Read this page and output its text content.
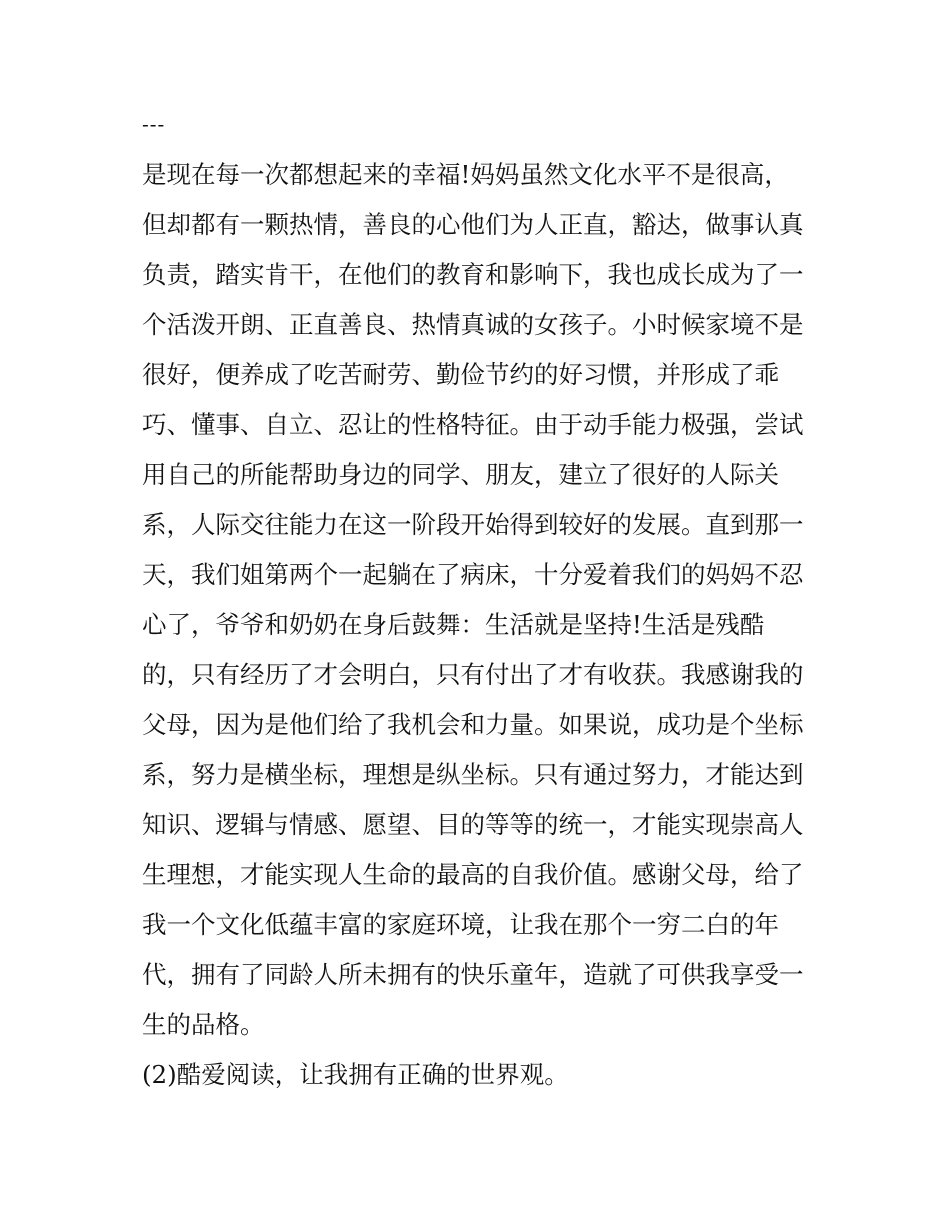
---
是现在每一次都想起来的幸福!妈妈虽然文化水平不是很高，
但却都有一颗热情，善良的心他们为人正直，豁达，做事认真
负责，踏实肯干，在他们的教育和影响下，我也成长成为了一
个活泼开朗、正直善良、热情真诚的女孩子。小时候家境不是
很好，便养成了吃苦耐劳、勤俭节约的好习惯，并形成了乖
巧、懂事、自立、忍让的性格特征。由于动手能力极强，尝试
用自己的所能帮助身边的同学、朋友，建立了很好的人际关
系，人际交往能力在这一阶段开始得到较好的发展。直到那一
天，我们姐第两个一起躺在了病床，十分爱着我们的妈妈不忍
心了，爷爷和奶奶在身后鼓舞：生活就是坚持!生活是残酷
的，只有经历了才会明白，只有付出了才有收获。我感谢我的
父母，因为是他们给了我机会和力量。如果说，成功是个坐标
系，努力是横坐标，理想是纵坐标。只有通过努力，才能达到
知识、逻辑与情感、愿望、目的等等的统一，才能实现崇高人
生理想，才能实现人生命的最高的自我价值。感谢父母，给了
我一个文化低蕴丰富的家庭环境，让我在那个一穷二白的年
代，拥有了同龄人所未拥有的快乐童年，造就了可供我享受一
生的品格。
(2)酷爱阅读，让我拥有正确的世界观。
